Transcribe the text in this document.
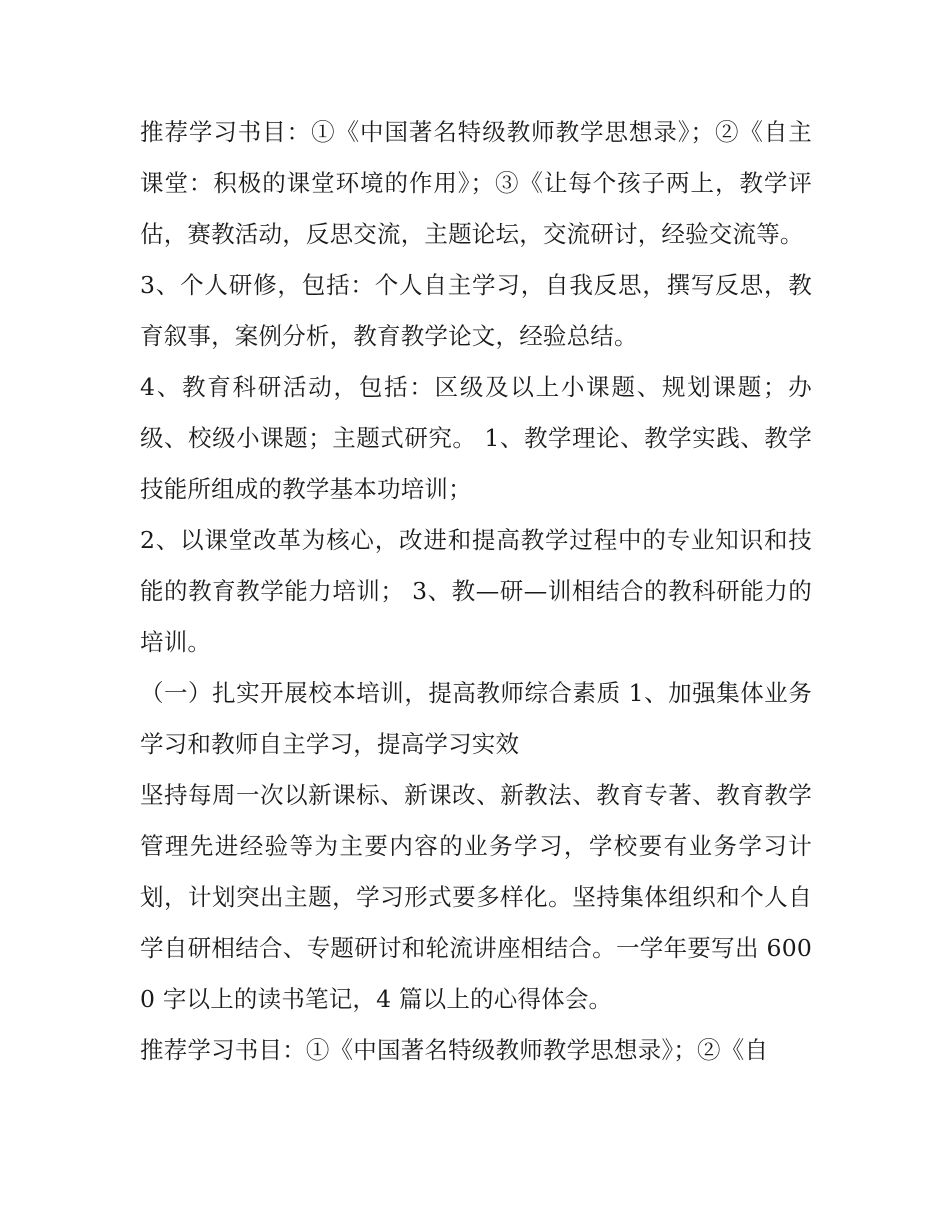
推荐学习书目：①《中国著名特级教师教学思想录》；②《自主课堂：积极的课堂环境的作用》；③《让每个孩子两上，教学评估，赛教活动，反思交流，主题论坛，交流研讨，经验交流等。

3、个人研修，包括：个人自主学习，自我反思，撰写反思，教育叙事，案例分析，教育教学论文，经验总结。

4、教育科研活动，包括：区级及以上小课题、规划课题；办级、校级小课题；主题式研究。 1、教学理论、教学实践、教学技能所组成的教学基本功培训；

2、以课堂改革为核心，改进和提高教学过程中的专业知识和技能的教育教学能力培训； 3、教—研—训相结合的教科研能力的培训。

（一）扎实开展校本培训，提高教师综合素质 1、加强集体业务学习和教师自主学习，提高学习实效

坚持每周一次以新课标、新课改、新教法、教育专著、教育教学管理先进经验等为主要内容的业务学习，学校要有业务学习计划，计划突出主题，学习形式要多样化。坚持集体组织和个人自学自研相结合、专题研讨和轮流讲座相结合。一学年要写出 6000 字以上的读书笔记，4 篇以上的心得体会。

推荐学习书目：①《中国著名特级教师教学思想录》；②《自
